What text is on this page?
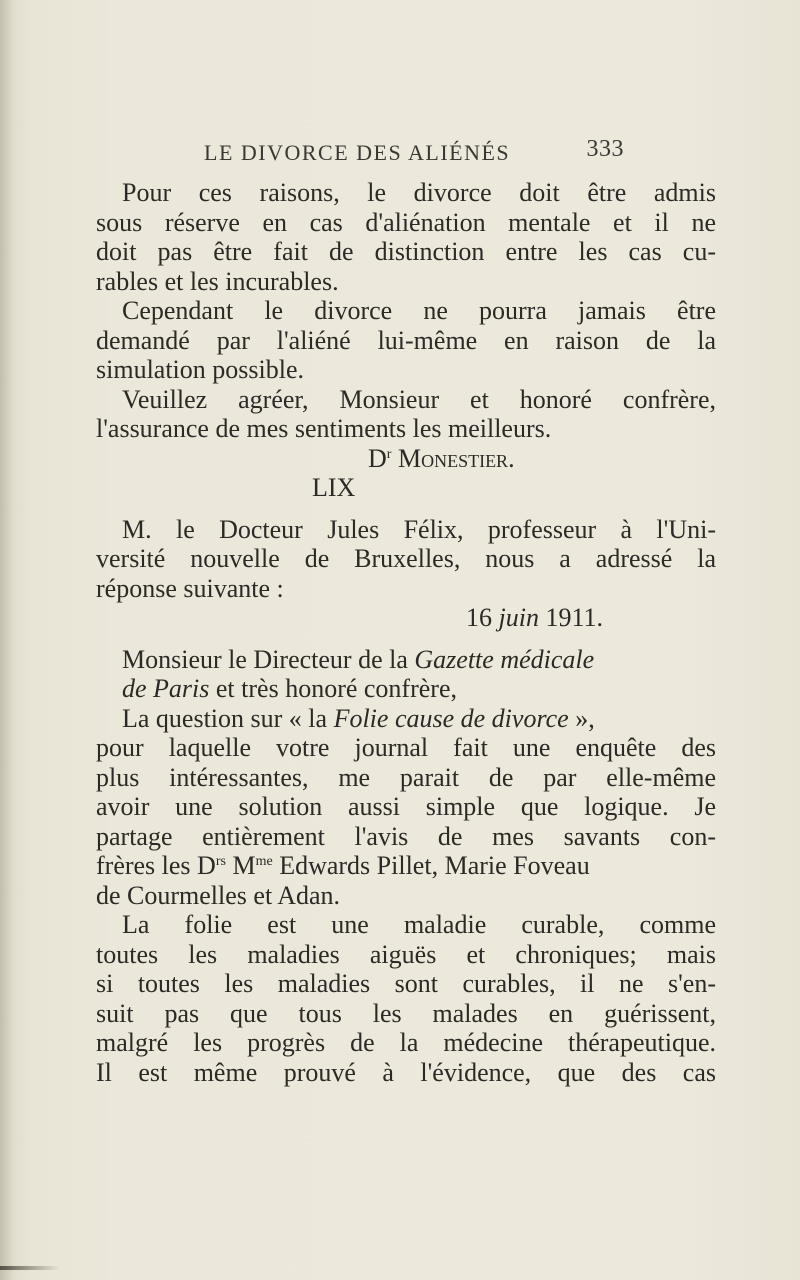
LE DIVORCE DES ALIÉNÉS	333
Pour ces raisons, le divorce doit être admis
sous réserve en cas d'aliénation mentale et il ne
doit pas être fait de distinction entre les cas cu-
rables et les incurables.
Cependant le divorce ne pourra jamais être
demandé par l'aliéné lui-même en raison de la
simulation possible.
Veuillez agréer, Monsieur et honoré confrère,
l'assurance de mes sentiments les meilleurs.
$D^r$ Monestier.
LIX
M. le Docteur Jules Félix, professeur à l'Uni-
versité nouvelle de Bruxelles, nous a adressé la
réponse suivante :
16 juin 1911.
Monsieur le Directeur de la Gazette médicale
de Paris et très honoré confrère,
La question sur « la Folie cause de divorce »,
pour laquelle votre journal fait une enquête des
plus intéressantes, me parait de par elle-même
avoir une solution aussi simple que logique. Je
partage entièrement l'avis de mes savants con-
frères les $D^{rs}$ $M^{me}$ Edwards Pillet, Marie Foveau
de Courmelles et Adan.
La folie est une maladie curable, comme
toutes les maladies aiguës et chroniques; mais
si toutes les maladies sont curables, il ne s'en-
suit pas que tous les malades en guérissent,
malgré les progrès de la médecine thérapeutique.
Il est même prouvé à l'évidence, que des cas
